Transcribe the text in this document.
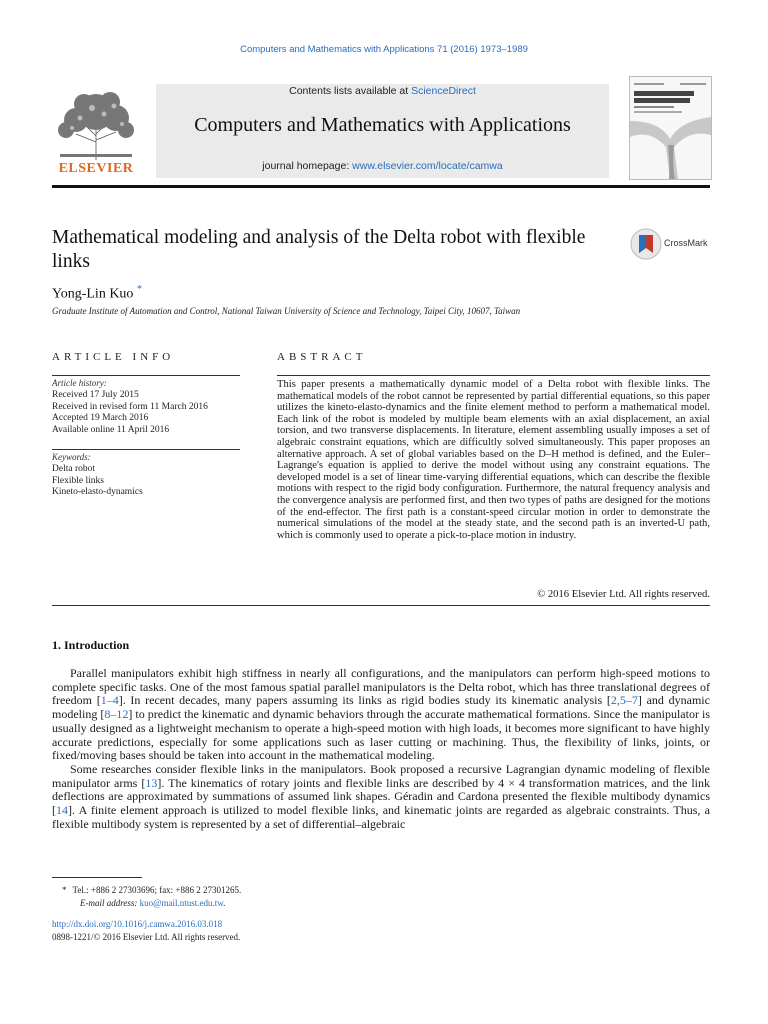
Computers and Mathematics with Applications 71 (2016) 1973–1989
ELSEVIER
Contents lists available at ScienceDirect
Computers and Mathematics with Applications
journal homepage: www.elsevier.com/locate/camwa
Mathematical modeling and analysis of the Delta robot with flexible links
CrossMark
Yong-Lin Kuo *
Graduate Institute of Automation and Control, National Taiwan University of Science and Technology, Taipei City, 10607, Taiwan
ARTICLE INFO	ABSTRACT
Article history:
Received 17 July 2015
Received in revised form 11 March 2016
Accepted 19 March 2016
Available online 11 April 2016
Keywords:
Delta robot
Flexible links
Kineto-elasto-dynamics
This paper presents a mathematically dynamic model of a Delta robot with flexible links. The mathematical models of the robot cannot be represented by partial differential equations, so this paper utilizes the kineto-elasto-dynamics and the finite element method to perform a mathematical model. Each link of the robot is modeled by multiple beam elements with an axial displacement, an axial torsion, and two transverse displacements. In literature, element assembling usually imposes a set of algebraic constraint equations, which are difficultly solved simultaneously. This paper proposes an alternative approach. A set of global variables based on the D–H method is defined, and the Euler–Lagrange's equation is applied to derive the model without using any constraint equations. The developed model is a set of linear time-varying differential equations, which can describe the flexible motions with respect to the rigid body configuration. Furthermore, the natural frequency analysis and the convergence analysis are performed first, and then two types of paths are designed for the motions of the end-effector. The first path is a constant-speed circular motion in order to demonstrate the numerical simulations of the model at the steady state, and the second path is an inverted-U path, which is commonly used to operate a pick-to-place motion in industry.
© 2016 Elsevier Ltd. All rights reserved.
1. Introduction

Parallel manipulators exhibit high stiffness in nearly all configurations, and the manipulators can perform high-speed motions to complete specific tasks. One of the most famous spatial parallel manipulators is the Delta robot, which has three translational degrees of freedom [1–4]. In recent decades, many papers assuming its links as rigid bodies study its kinematic analysis [2,5–7] and dynamic modeling [8–12] to predict the kinematic and dynamic behaviors through the accurate mathematical formations. Since the manipulator is usually designed as a lightweight mechanism to operate a high-speed motion with high loads, it becomes more significant to have highly accurate predictions, especially for some applications such as laser cutting or machining. Thus, the flexibility of links, joints, or fixed/moving bases should be taken into account in the mathematical modeling.

Some researches consider flexible links in the manipulators. Book proposed a recursive Lagrangian dynamic modeling of flexible manipulator arms [13]. The kinematics of rotary joints and flexible links are described by 4 × 4 transformation matrices, and the link deflections are approximated by summations of assumed link shapes. Géradin and Cardona presented the flexible multibody dynamics [14]. A finite element approach is utilized to model flexible links, and kinematic joints are regarded as algebraic constraints. Thus, a flexible multibody system is represented by a set of differential–algebraic

* Tel.: +886 2 27303696; fax: +886 2 27301265.
E-mail address: kuo@mail.ntust.edu.tw.
http://dx.doi.org/10.1016/j.camwa.2016.03.018
0898-1221/© 2016 Elsevier Ltd. All rights reserved.
